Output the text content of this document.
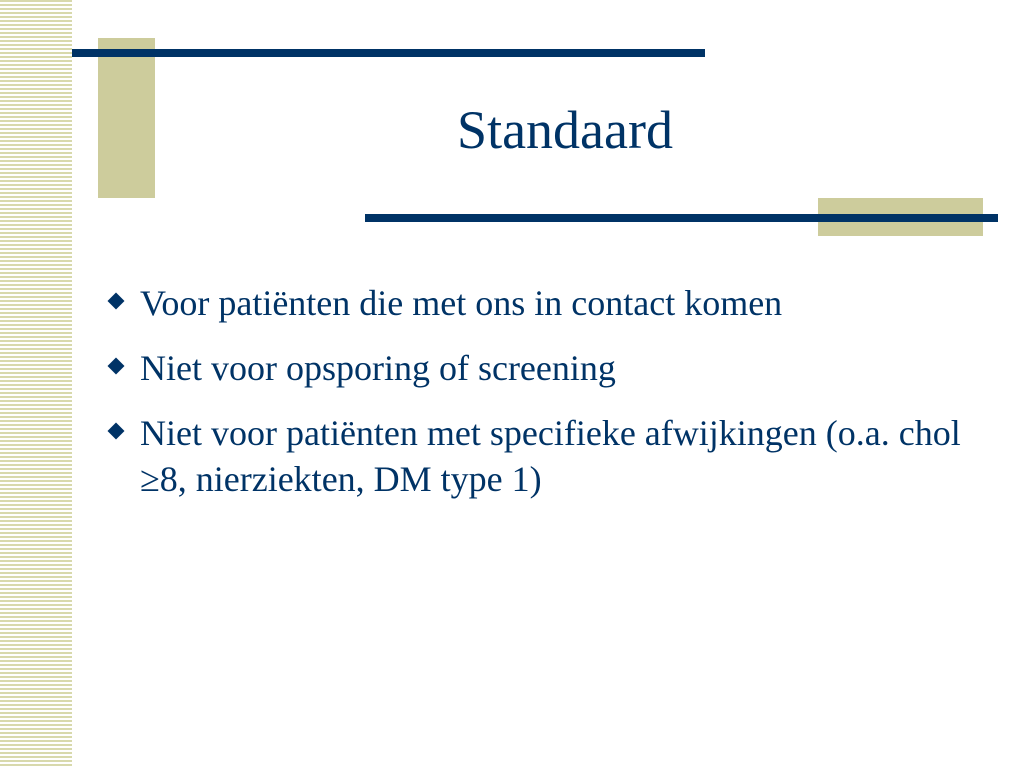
Standaard
Voor patiënten die met ons in contact komen
Niet voor opsporing of screening
Niet voor patiënten met specifieke afwijkingen (o.a. chol ≥8, nierziekten, DM type 1)
